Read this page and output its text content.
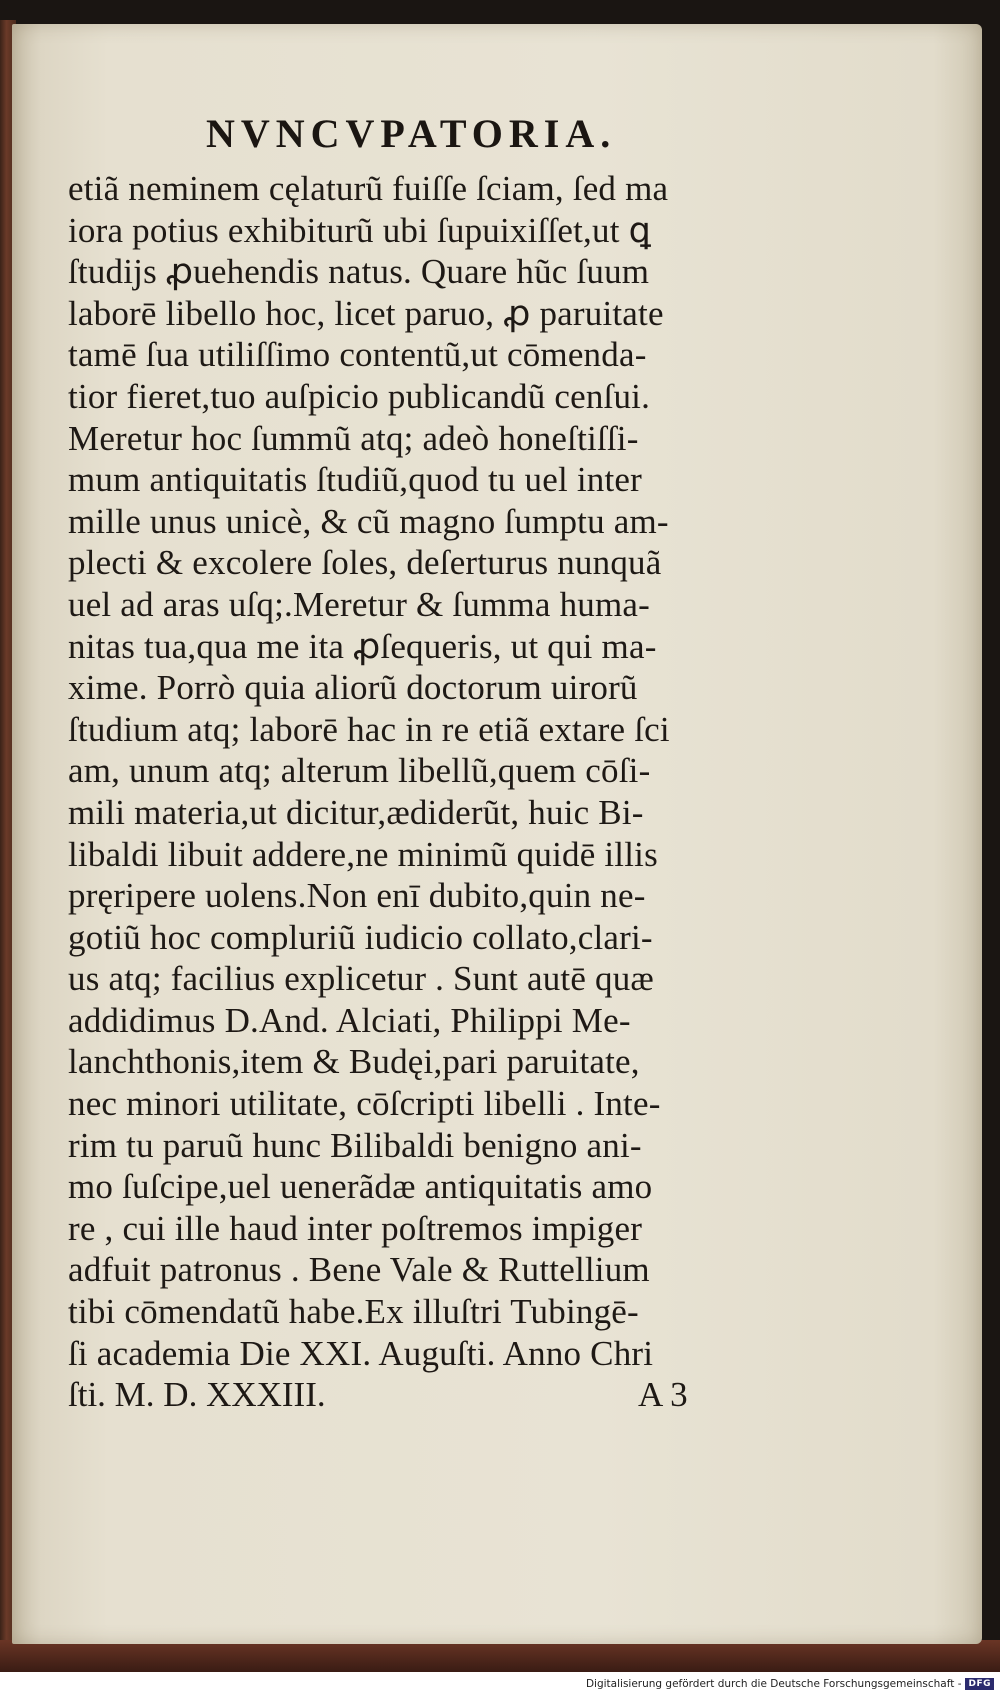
NVNCVPATORIA.
etiã neminem cęlaturũ fuiſſe ſciam, ſed ma
iora potius exhibiturũ ubi ſupuixiſſet,ut ꝗ
ſtudijs ꝓuehendis natus. Quare hũc ſuum
laborē libello hoc, licet paruo, ꝓ paruitate
tamē ſua utiliſſimo contentũ,ut cōmenda-
tior fieret,tuo auſpicio publicandũ cenſui.
Meretur hoc ſummũ atq; adeò honeſtiſſi-
mum antiquitatis ſtudiũ,quod tu uel inter
mille unus unicè, & cũ magno ſumptu am-
plecti & excolere ſoles, deſerturus nunquã
uel ad aras uſq;.Meretur & ſumma huma-
nitas tua,qua me ita ꝓſequeris, ut qui ma-
xime. Porrò quia aliorũ doctorum uirorũ
ſtudium atq; laborē hac in re etiã extare ſci
am, unum atq; alterum libellũ,quem cōſi-
mili materia,ut dicitur,ædiderũt, huic Bi-
libaldi libuit addere,ne minimũ quidē illis
pręripere uolens.Non enī dubito,quin ne-
gotiũ hoc compluriũ iudicio collato,clari-
us atq; facilius explicetur . Sunt autē quæ
addidimus D.And. Alciati, Philippi Me-
lanchthonis,item & Budęi,pari paruitate,
nec minori utilitate, cōſcripti libelli . Inte-
rim tu paruũ hunc Bilibaldi benigno ani-
mo ſuſcipe,uel uenerãdæ antiquitatis amo
re , cui ille haud inter poſtremos impiger
adfuit patronus . Bene Vale & Ruttellium
tibi cōmendatũ habe.Ex illuſtri Tubingē-
ſi academia Die XXI. Auguſti. Anno Chri
ſti. M. D. XXXIII.	A 3
Digitalisierung gefördert durch die Deutsche Forschungsgemeinschaft - DFG
